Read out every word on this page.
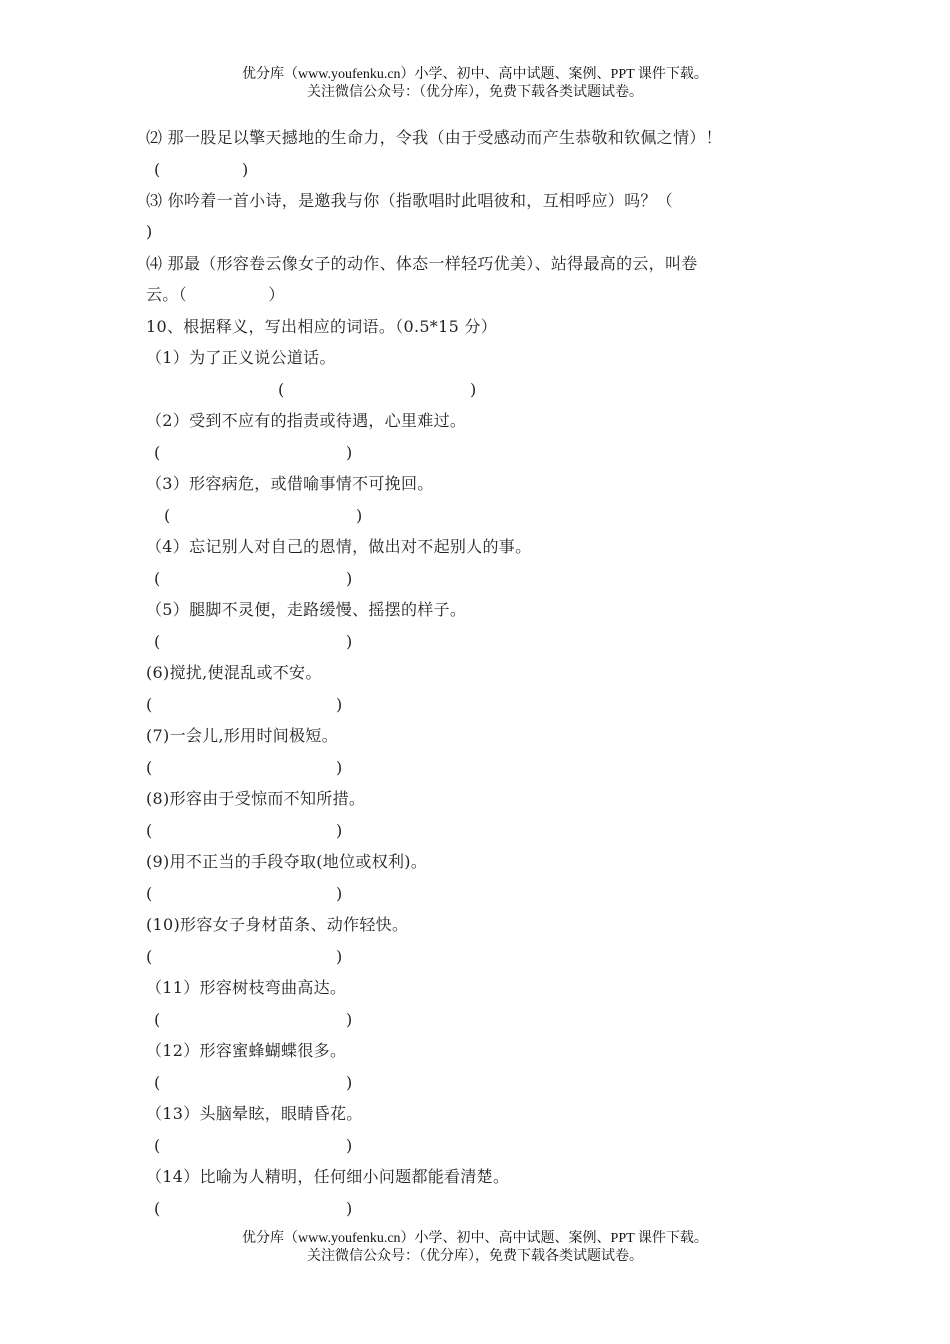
优分库（www.youfenku.cn）小学、初中、高中试题、案例、PPT 课件下载。
关注微信公众号：（优分库），免费下载各类试题试卷。
⑵ 那一股足以擎天撼地的生命力，令我（由于受感动而产生恭敬和钦佩之情）！
(	)
⑶ 你吟着一首小诗，是邀我与你（指歌唱时此唱彼和，互相呼应）吗？（
)
⑷ 那最（形容卷云像女子的动作、体态一样轻巧优美）、站得最高的云，叫卷
云。（　　　　　）
10、根据释义，写出相应的词语。（0.5*15 分）
（1）为了正义说公道话。
(	)
（2）受到不应有的指责或待遇，心里难过。
(	)
（3）形容病危，或借喻事情不可挽回。
(	)
（4）忘记别人对自己的恩情，做出对不起别人的事。
(	)
（5）腿脚不灵便，走路缓慢、摇摆的样子。
(	)
(6)搅扰,使混乱或不安。
(	)
(7)一会儿,形用时间极短。
(	)
(8)形容由于受惊而不知所措。
(	)
(9)用不正当的手段夺取(地位或权利)。
(	)
(10)形容女子身材苗条、动作轻快。
(	)
（11）形容树枝弯曲高达。
(	)
（12）形容蜜蜂蝴蝶很多。
(	)
（13）头脑晕眩，眼睛昏花。
(	)
（14）比喻为人精明，任何细小问题都能看清楚。
(	)
优分库（www.youfenku.cn）小学、初中、高中试题、案例、PPT 课件下载。
关注微信公众号：（优分库），免费下载各类试题试卷。
